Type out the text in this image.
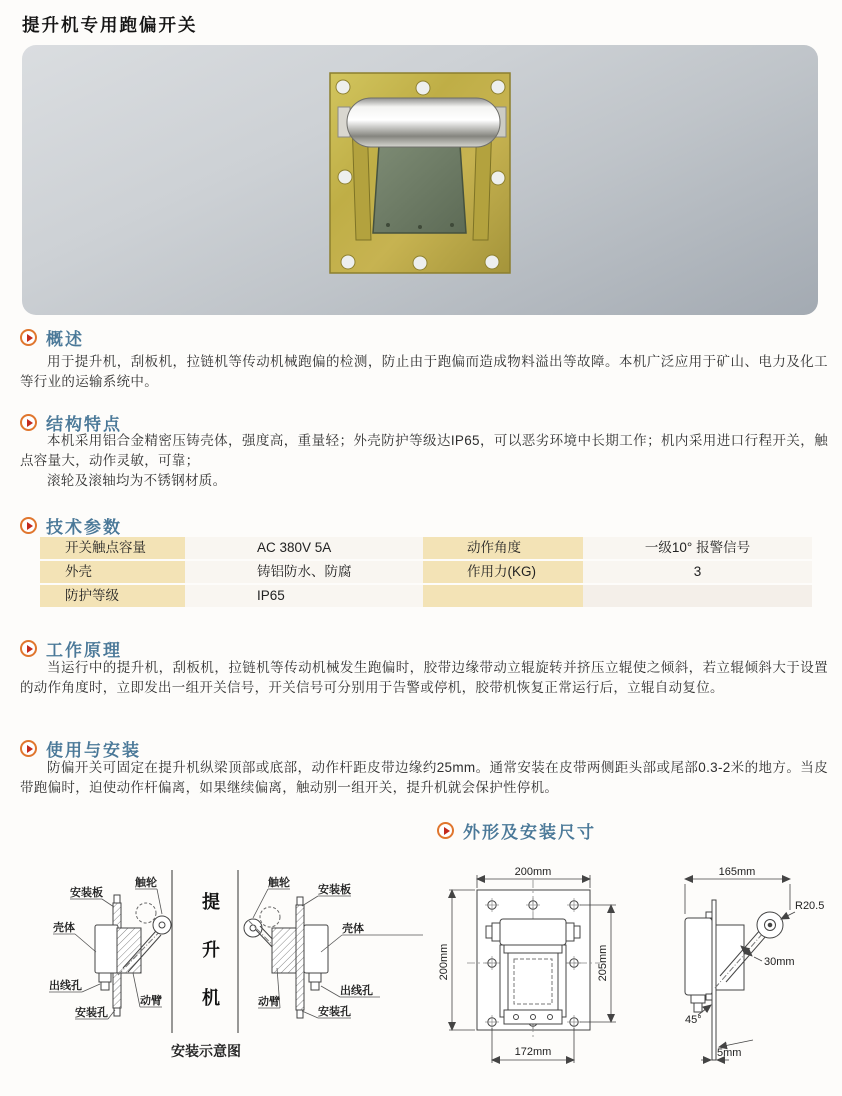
提升机专用跑偏开关
概述

用于提升机，刮板机，拉链机等传动机械跑偏的检测，防止由于跑偏而造成物料溢出等故障。本机广泛应用于矿山、电力及化工等行业的运输系统中。

结构特点

本机采用铝合金精密压铸壳体，强度高，重量轻；外壳防护等级达IP65，可以恶劣环境中长期工作；机内采用进口行程开关，触点容量大，动作灵敏，可靠；

滚轮及滚轴均为不锈钢材质。

技术参数
开关触点容量	AC 380V 5A	动作角度	一级10° 报警信号
外壳	铸铝防水、防腐	作用力(KG)	3
防护等级	IP65
工作原理

当运行中的提升机，刮板机，拉链机等传动机械发生跑偏时，胶带边缘带动立辊旋转并挤压立辊使之倾斜，若立辊倾斜大于设置的动作角度时，立即发出一组开关信号，开关信号可分别用于告警或停机，胶带机恢复正常运行后，立辊自动复位。

使用与安装

防偏开关可固定在提升机纵梁顶部或底部，动作杆距皮带边缘约25mm。通常安装在皮带两侧距头部或尾部0.3-2米的地方。当皮带跑偏时，迫使动作杆偏离，如果继续偏离，触动别一组开关，提升机就会保护性停机。

外形及安装尺寸
安装板
触轮
壳体
出线孔
安装孔
动臂
触轮
安装板
壳体
出线孔
动臂
安装孔
安装示意图
提升机
200mm
200mm	205mm
172mm
165mm
R20.5
30mm
45°
5mm
